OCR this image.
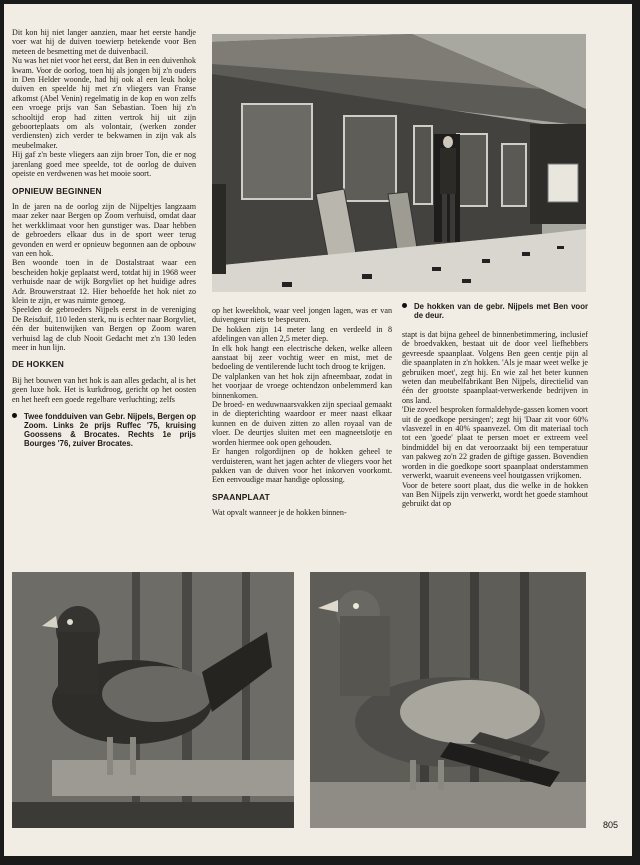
Dit kon hij niet langer aanzien, maar het eerste handje voer wat hij de duiven toewierp betekende voor Ben meteen de besmetting met de duivenbacil.

Nu was het niet voor het eerst, dat Ben in een duivenhok kwam. Voor de oorlog, toen hij als jongen bij z'n ouders in Den Helder woonde, had hij ook al een leuk hokje duiven en speelde hij met z'n vliegers van Franse afkomst (Abel Venin) regelmatig in de kop en won zelfs een vroege prijs van San Sebastian. Toen hij z'n schooltijd erop had zitten vertrok hij uit zijn geboorteplaats om als volontair, (werken zonder verdiensten) zich verder te bekwamen in zijn vak als meubelmaker.

Hij gaf z'n beste vliegers aan zijn broer Ton, die er nog jarenlang goed mee speelde, tot de oorlog de duiven opeiste en verdwenen was het mooie soort.

OPNIEUW BEGINNEN

In de jaren na de oorlog zijn de Nijpeltjes langzaam maar zeker naar Bergen op Zoom verhuisd, omdat daar het werkklimaat voor hen gunstiger was. Daar hebben de gebroeders elkaar dus in de sport weer terug gevonden en werd er opnieuw begonnen aan de opbouw van een hok.

Ben woonde toen in de Dostalstraat waar een bescheiden hokje geplaatst werd, totdat hij in 1968 weer verhuisde naar de wijk Borgvliet op het huidige adres Adr. Brouwerstraat 12. Hier behoefde het hok niet zo klein te zijn, er was ruimte genoeg.

Speelden de gebroeders Nijpels eerst in de vereniging De Reisduif, 110 leden sterk, nu is echter naar Borgvliet, één der buitenwijken van Bergen op Zoom waren verhuisd lag de club Nooit Gedacht met z'n 130 leden meer in hun lijn.

DE HOKKEN

Bij het bouwen van het hok is aan alles gedacht, al is het geen luxe hok. Het is kurkdroog, gericht op het oosten en het heeft een goede regelbare verluchting; zelfs

Twee fondduiven van Gebr. Nijpels, Bergen op Zoom. Links 2e prijs Ruffec '75, kruising Goossens & Brocates. Rechts 1e prijs Bourges '76, zuiver Brocates.

op het kweekhok, waar veel jongen lagen, was er van duivengeur niets te bespeuren.

De hokken zijn 14 meter lang en verdeeld in 8 afdelingen van allen 2,5 meter diep.

In elk hok hangt een electrische deken, welke alleen aanstaat bij zeer vochtig weer en mist, met de bedoeling de ventilerende lucht toch droog te krijgen.

De valplanken van het hok zijn afneembaar, zodat in het voorjaar de vroege ochtendzon onbelemmerd kan binnenkomen.

De broed- en weduwnaarsvakken zijn speciaal gemaakt in de diepterichting waardoor er meer naast elkaar kunnen en de duiven zitten zo allen royaal van de vloer. De deurtjes sluiten met een magneetslotje en worden hiermee ook open gehouden.

Er hangen rolgordijnen op de hokken geheel te verduisteren, want het jagen achter de vliegers voor het pakken van de duiven voor het inkorven voorkomt. Een eenvoudige maar handige oplossing.

SPAANPLAAT

Wat opvalt wanneer je de hokken binnen-

De hokken van de gebr. Nijpels met Ben voor de deur.

stapt is dat bijna geheel de binnenbetimmering, inclusief de broedvakken, bestaat uit de door veel liefhebbers gevreesde spaanplaat. Volgens Ben geen centje pijn al die spaanplaten in z'n hokken. 'Als je maar weet welke je gebruiken moet', zegt hij. En wie zal het beter kunnen weten dan meubelfabrikant Ben Nijpels, directielid van één der grootste spaanplaat-verwerkende bedrijven in ons land.

'Die zoveel besproken formaldehyde-gassen komen voort uit de goedkope persingen'; zegt hij 'Daar zit voor 60% vlasvezel in en 40% spaanvezel. Om dit materiaal toch tot een 'goede' plaat te persen moet er extreem veel bindmiddel bij en dat veroorzaakt bij een temperatuur van pakweg zo'n 22 graden de giftige gassen. Bovendien worden in die goedkope soort spaanplaat onderstammen verwerkt, waaruit eveneens veel houtgassen vrijkomen.

Voor de betere soort plaat, dus die welke in de hokken van Ben Nijpels zijn verwerkt, wordt het goede stamhout gebruikt dat op

805
